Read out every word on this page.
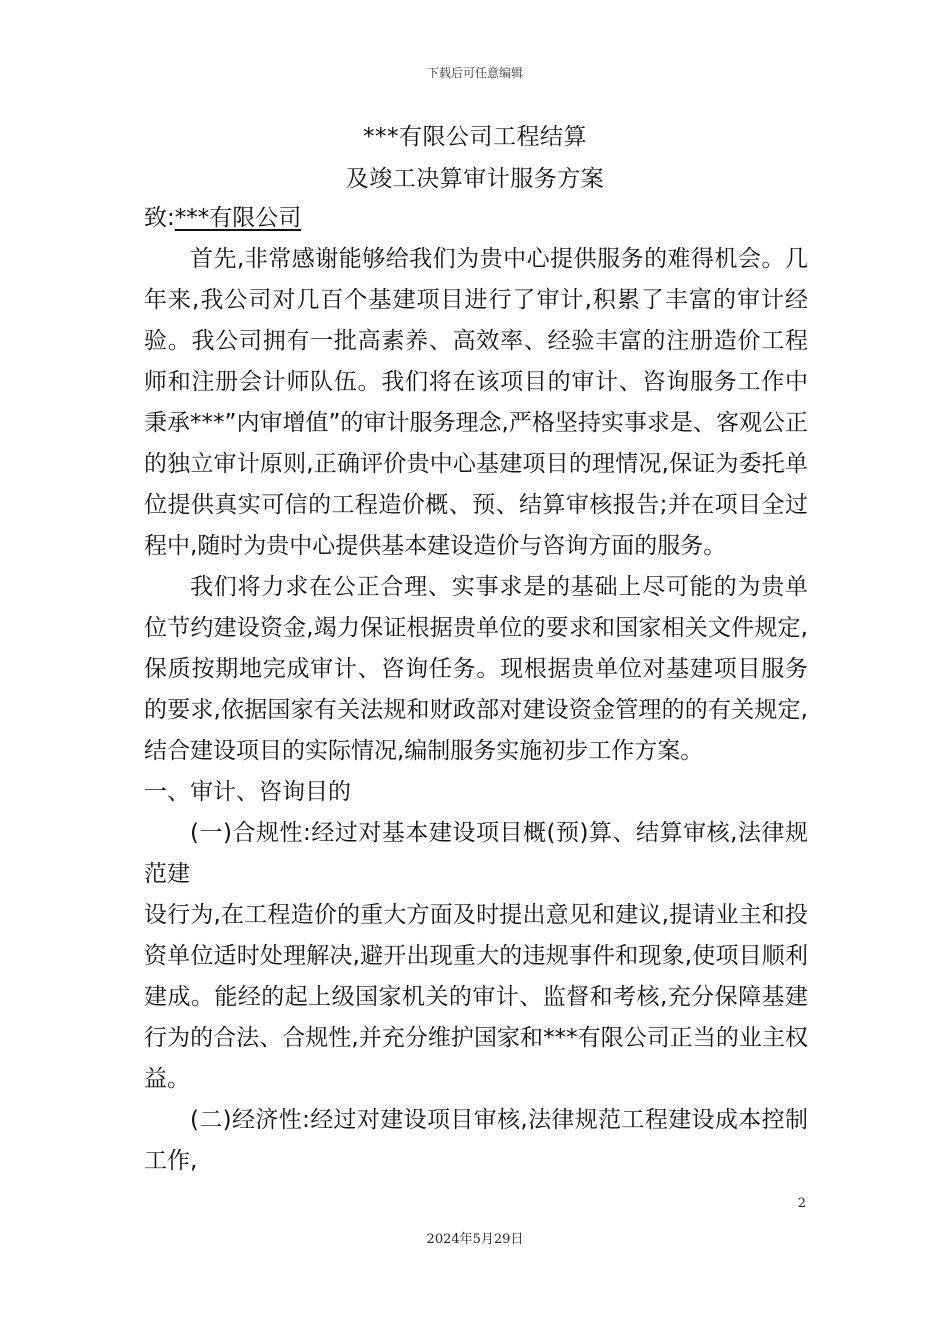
下载后可任意编辑
***有限公司工程结算
及竣工决算审计服务方案

致:***有限公司

首先,非常感谢能够给我们为贵中心提供服务的难得机会。几年来,我公司对几百个基建项目进行了审计,积累了丰富的审计经验。我公司拥有一批高素养、高效率、经验丰富的注册造价工程师和注册会计师队伍。我们将在该项目的审计、咨询服务工作中秉承***”内审增值”的审计服务理念,严格坚持实事求是、客观公正的独立审计原则,正确评价贵中心基建项目的理情况,保证为委托单位提供真实可信的工程造价概、预、结算审核报告;并在项目全过程中,随时为贵中心提供基本建设造价与咨询方面的服务。

我们将力求在公正合理、实事求是的基础上尽可能的为贵单位节约建设资金,竭力保证根据贵单位的要求和国家相关文件规定,保质按期地完成审计、咨询任务。现根据贵单位对基建项目服务的要求,依据国家有关法规和财政部对建设资金管理的的有关规定,结合建设项目的实际情况,编制服务实施初步工作方案。

一、审计、咨询目的

(一)合规性:经过对基本建设项目概(预)算、结算审核,法律规范建

设行为,在工程造价的重大方面及时提出意见和建议,提请业主和投资单位适时处理解决,避开出现重大的违规事件和现象,使项目顺利建成。能经的起上级国家机关的审计、监督和考核,充分保障基建行为的合法、合规性,并充分维护国家和***有限公司正当的业主权益。

(二)经济性:经过对建设项目审核,法律规范工程建设成本控制工作,

2
2024年5月29日
